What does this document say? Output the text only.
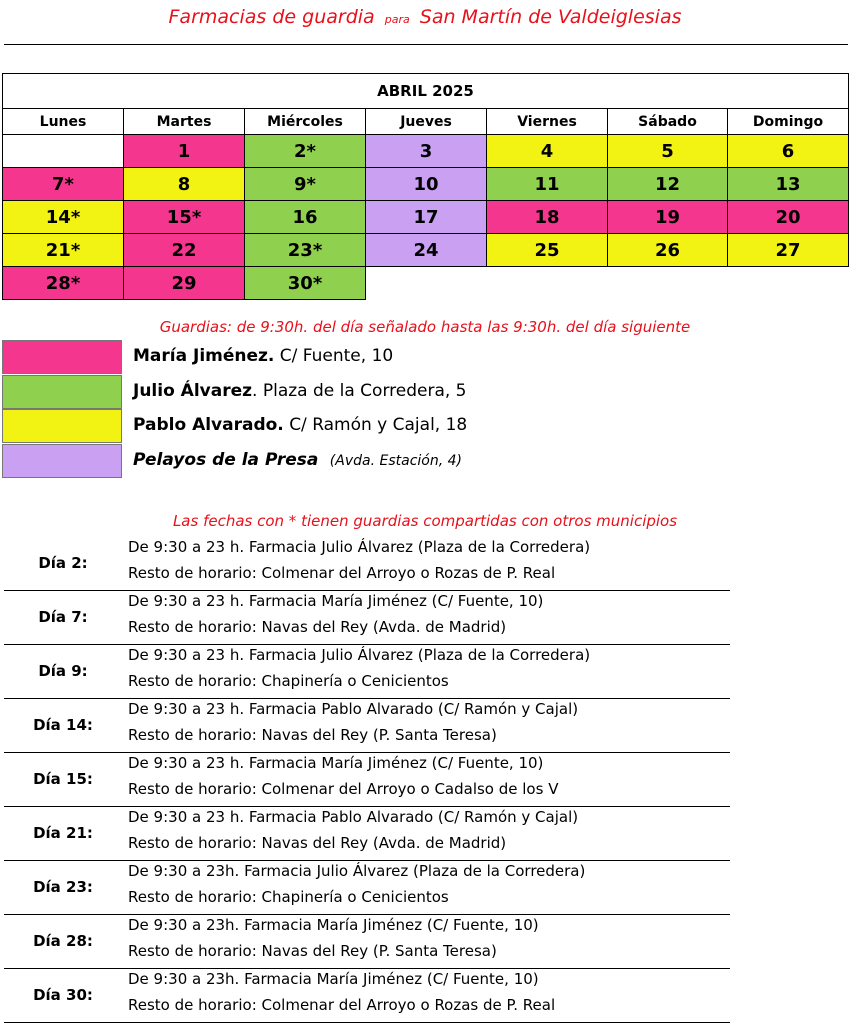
Farmacias de guardia para San Martín de Valdeiglesias
ABRIL 2025						
Lunes	Martes	Miércoles	Jueves	Viernes	Sábado	Domingo
	1	2*	3	4	5	6
7*	8	9*	10	11	12	13
14*	15*	16	17	18	19	20
21*	22	23*	24	25	26	27
28*	29	30*				
Guardias: de 9:30h. del día señalado hasta las 9:30h. del día siguiente
María Jiménez. C/ Fuente, 10
Julio Álvarez. Plaza de la Corredera, 5
Pablo Alvarado. C/ Ramón y Cajal, 18
Pelayos de la Presa (Avda. Estación, 4)
Las fechas con * tienen guardias compartidas con otros municipios
Día 2:
De 9:30 a 23 h. Farmacia Julio Álvarez (Plaza de la Corredera)
Resto de horario: Colmenar del Arroyo o Rozas de P. Real
Día 7:
De 9:30 a 23 h. Farmacia María Jiménez (C/ Fuente, 10)
Resto de horario: Navas del Rey (Avda. de Madrid)
Día 9:
De 9:30 a 23 h. Farmacia Julio Álvarez (Plaza de la Corredera)
Resto de horario: Chapinería o Cenicientos
Día 14:
De 9:30 a 23 h. Farmacia Pablo Alvarado (C/ Ramón y Cajal)
Resto de horario: Navas del Rey (P. Santa Teresa)
Día 15:
De 9:30 a 23 h. Farmacia María Jiménez (C/ Fuente, 10)
Resto de horario: Colmenar del Arroyo o Cadalso de los V
Día 21:
De 9:30 a 23 h. Farmacia Pablo Alvarado (C/ Ramón y Cajal)
Resto de horario: Navas del Rey (Avda. de Madrid)
Día 23:
De 9:30 a 23h. Farmacia Julio Álvarez (Plaza de la Corredera)
Resto de horario: Chapinería o Cenicientos
Día 28:
De 9:30 a 23h. Farmacia María Jiménez (C/ Fuente, 10)
Resto de horario: Navas del Rey (P. Santa Teresa)
Día 30:
De 9:30 a 23h. Farmacia María Jiménez (C/ Fuente, 10)
Resto de horario: Colmenar del Arroyo o Rozas de P. Real
